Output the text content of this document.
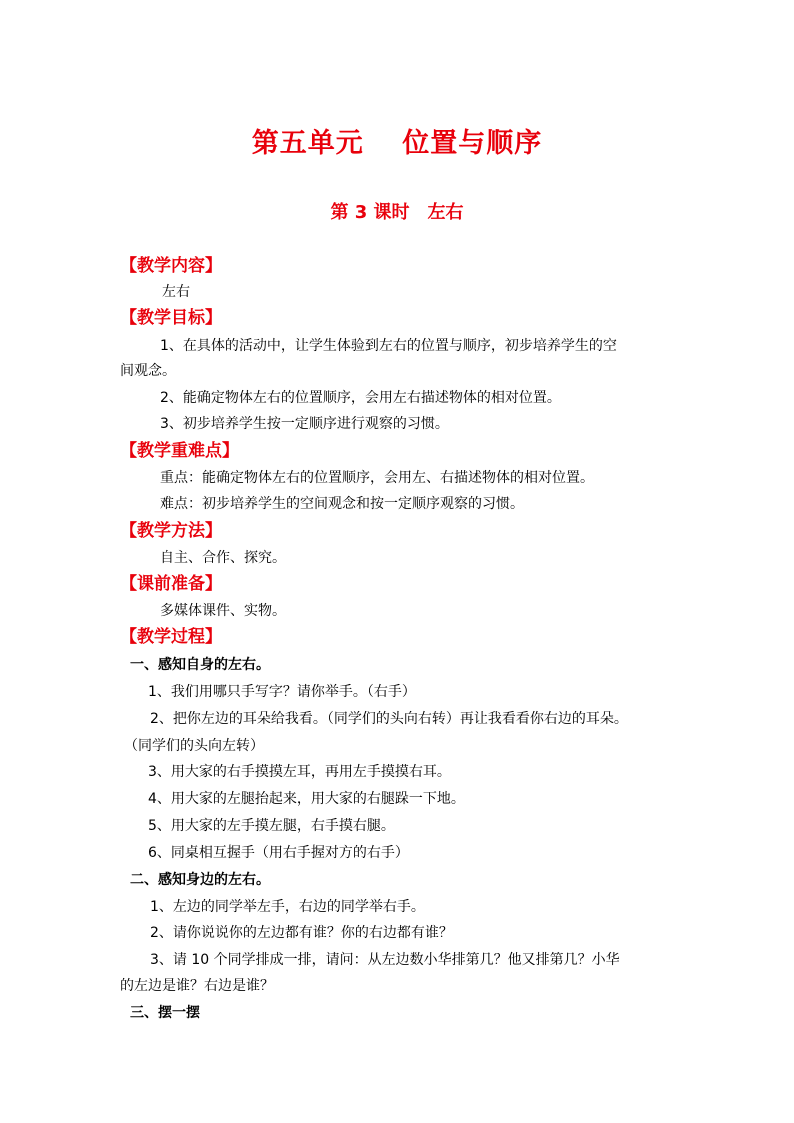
第五单元　 位置与顺序
第 3 课时　左右
【教学内容】
左右
【教学目标】
1、在具体的活动中，让学生体验到左右的位置与顺序，初步培养学生的空
间观念。
2、能确定物体左右的位置顺序，会用左右描述物体的相对位置。
3、初步培养学生按一定顺序进行观察的习惯。
【教学重难点】
重点：能确定物体左右的位置顺序，会用左、右描述物体的相对位置。
难点：初步培养学生的空间观念和按一定顺序观察的习惯。
【教学方法】
自主、合作、探究。
【课前准备】
多媒体课件、实物。
【教学过程】
一、感知自身的左右。
1、我们用哪只手写字？请你举手。（右手）
2、把你左边的耳朵给我看。（同学们的头向右转）再让我看看你右边的耳朵。
（同学们的头向左转）
3、用大家的右手摸摸左耳，再用左手摸摸右耳。
4、用大家的左腿抬起来，用大家的右腿跺一下地。
5、用大家的左手摸左腿，右手摸右腿。
6、同桌相互握手（用右手握对方的右手）
二、感知身边的左右。
1、左边的同学举左手，右边的同学举右手。
2、请你说说你的左边都有谁？你的右边都有谁？
3、请 10 个同学排成一排，请问：从左边数小华排第几？他又排第几？小华
的左边是谁？右边是谁？
三、摆一摆
